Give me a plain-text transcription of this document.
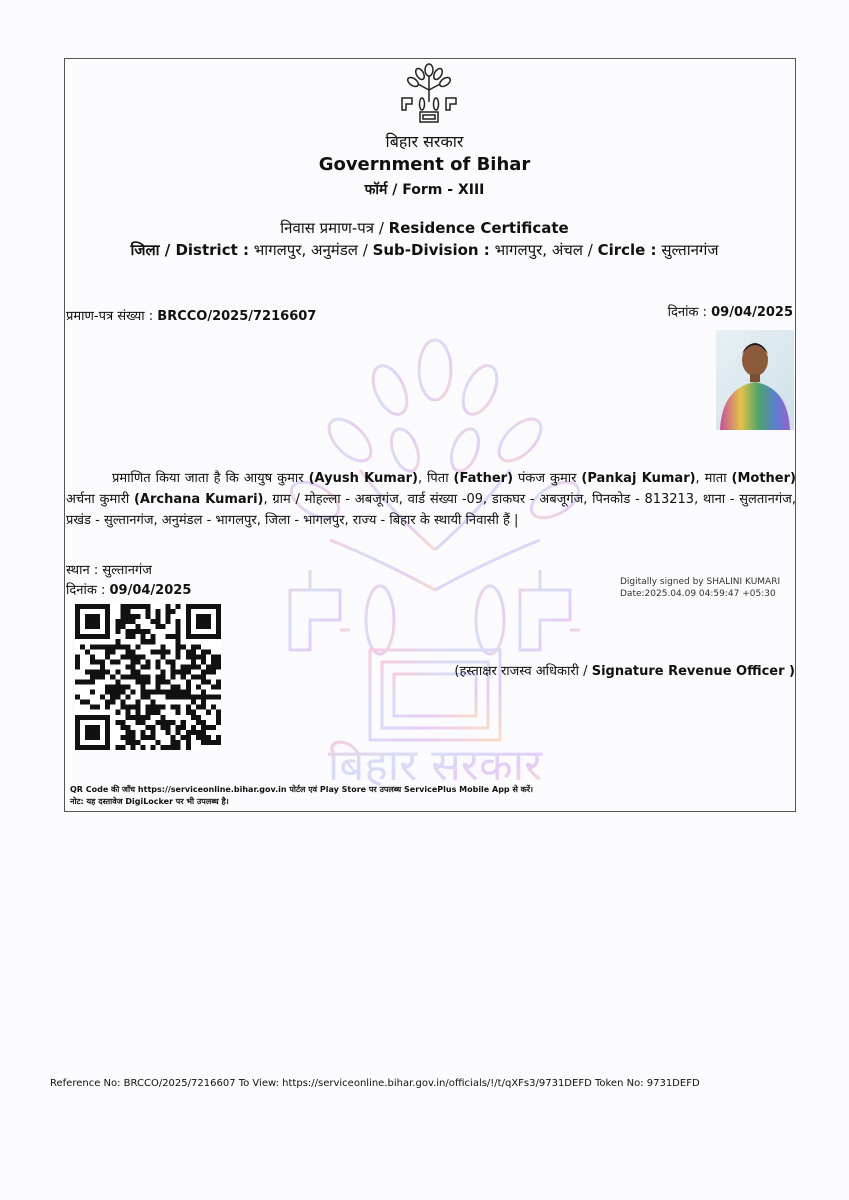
बिहार सरकार
बिहार सरकार
Government of Bihar
फॉर्म / Form - XIII
निवास प्रमाण-पत्र / Residence Certificate
जिला / District : भागलपुर, अनुमंडल / Sub-Division : भागलपुर, अंचल / Circle : सुल्तानगंज
प्रमाण-पत्र संख्या : BRCCO/2025/7216607	दिनांक : 09/04/2025
प्रमाणित किया जाता है कि आयुष कुमार (Ayush Kumar), पिता (Father) पंकज कुमार (Pankaj Kumar), माता (Mother) अर्चना कुमारी (Archana Kumari), ग्राम / मोहल्ला - अबजूगंज, वार्ड संख्या -09, डाकघर - अबजूगंज, पिनकोड - 813213, थाना - सुलतानगंज, प्रखंड - सुल्तानगंज, अनुमंडल - भागलपुर, जिला - भागलपुर, राज्य - बिहार के स्थायी निवासी हैं |
स्थान : सुल्तानगंज
दिनांक : 09/04/2025
Digitally signed by SHALINI KUMARI
Date:2025.04.09 04:59:47 +05:30
(हस्ताक्षर राजस्व अधिकारी / Signature Revenue Officer )
QR Code की जाँच https://serviceonline.bihar.gov.in पोर्टल एवं Play Store पर उपलब्ध ServicePlus Mobile App से करें।
नोट: यह दस्तावेज DigiLocker पर भी उपलब्ध है।
Reference No: BRCCO/2025/7216607 To View: https://serviceonline.bihar.gov.in/officials/!/t/qXFs3/9731DEFD Token No: 9731DEFD
